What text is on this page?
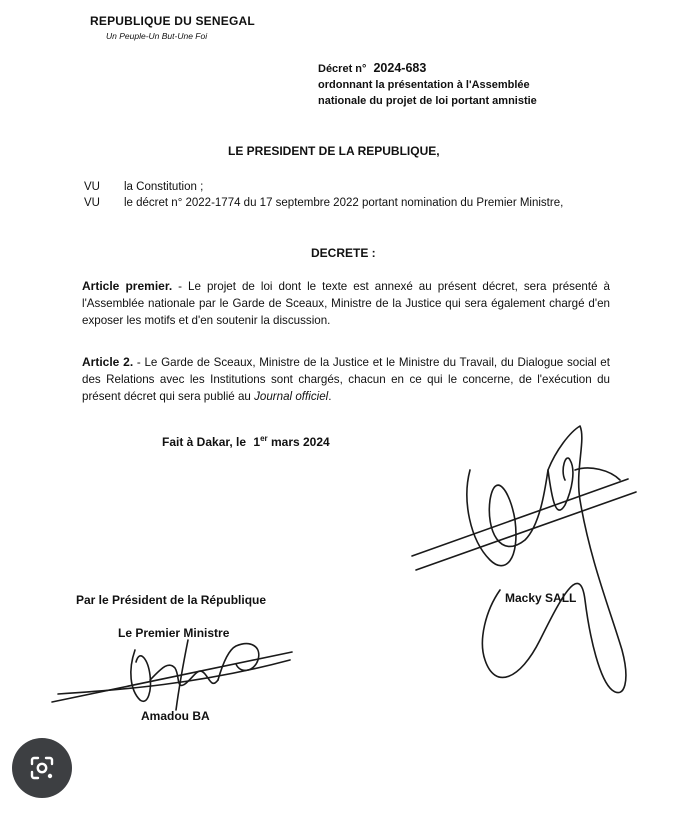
REPUBLIQUE DU SENEGAL
Un Peuple-Un But-Une Foi
Décret n° 2024-683
ordonnant la présentation à l'Assemblée
nationale du projet de loi portant amnistie
LE PRESIDENT DE LA REPUBLIQUE,
VU la Constitution ;
VU le décret n° 2022-1774 du 17 septembre 2022 portant nomination du Premier Ministre,
DECRETE :
Article premier. - Le projet de loi dont le texte est annexé au présent décret, sera présenté à l'Assemblée nationale par le Garde de Sceaux, Ministre de la Justice qui sera également chargé d'en exposer les motifs et d'en soutenir la discussion.
Article 2. - Le Garde de Sceaux, Ministre de la Justice et le Ministre du Travail, du Dialogue social et des Relations avec les Institutions sont chargés, chacun en ce qui le concerne, de l'exécution du présent décret qui sera publié au Journal officiel.
Fait à Dakar, le 1er mars 2024
Par le Président de la République
Le Premier Ministre
Amadou BA
Macky SALL
